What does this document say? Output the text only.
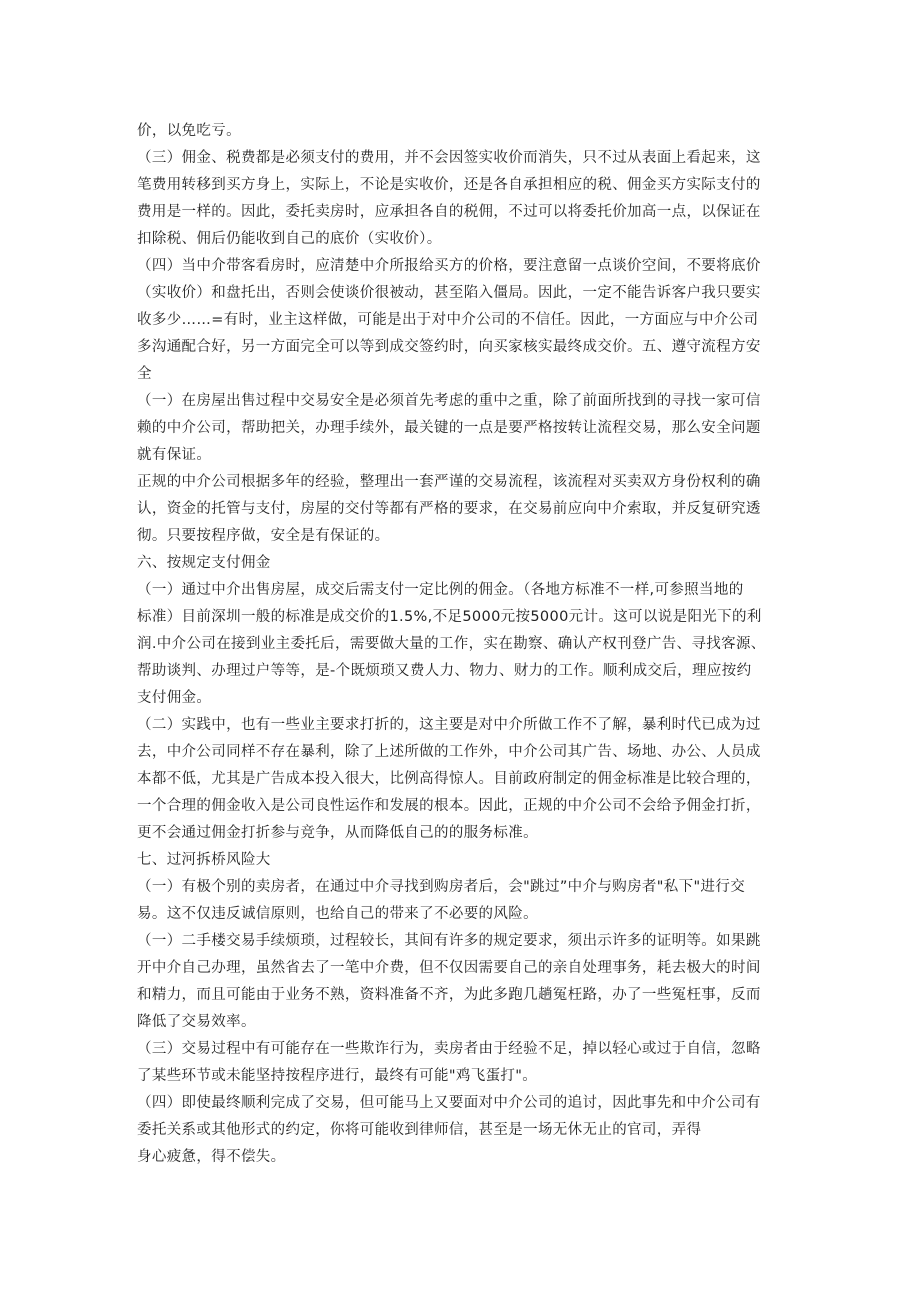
价，以免吃亏。
（三）佣金、税费都是必须支付的费用，并不会因签实收价而消失，只不过从表面上看起来，这
笔费用转移到买方身上，实际上，不论是实收价，还是各自承担相应的税、佣金买方实际支付的
费用是一样的。因此，委托卖房时，应承担各自的税佣，不过可以将委托价加高一点，以保证在
扣除税、佣后仍能收到自己的底价（实收价）。
（四）当中介带客看房时，应清楚中介所报给买方的价格，要注意留一点谈价空间，不要将底价
（实收价）和盘托出，否则会使谈价很被动，甚至陷入僵局。因此，一定不能告诉客户我只要实
收多少……=有时，业主这样做，可能是出于对中介公司的不信任。因此，一方面应与中介公司
多沟通配合好，另一方面完全可以等到成交签约时，向买家核实最终成交价。五、遵守流程方安
全
（一）在房屋出售过程中交易安全是必须首先考虑的重中之重，除了前面所找到的寻找一家可信
赖的中介公司，帮助把关，办理手续外，最关键的一点是要严格按转让流程交易，那么安全问题
就有保证。
正规的中介公司根据多年的经验，整理出一套严谨的交易流程，该流程对买卖双方身份权利的确
认，资金的托管与支付，房屋的交付等都有严格的要求，在交易前应向中介索取，并反复研究透
彻。只要按程序做，安全是有保证的。
六、按规定支付佣金
（一）通过中介出售房屋，成交后需支付一定比例的佣金。（各地方标准不一样,可参照当地的
标准）目前深圳一般的标准是成交价的1.5%,不足5000元按5000元计。这可以说是阳光下的利
润.中介公司在接到业主委托后，需要做大量的工作，实在勘察、确认产权刊登广告、寻找客源、
帮助谈判、办理过户等等，是-个既烦琐又费人力、物力、财力的工作。顺利成交后，理应按约
支付佣金。
（二）实践中，也有一些业主要求打折的，这主要是对中介所做工作不了解，暴利时代已成为过
去，中介公司同样不存在暴利，除了上述所做的工作外，中介公司其广告、场地、办公、人员成
本都不低，尤其是广告成本投入很大，比例高得惊人。目前政府制定的佣金标准是比较合理的，
一个合理的佣金收入是公司良性运作和发展的根本。因此，正规的中介公司不会给予佣金打折，
更不会通过佣金打折参与竞争，从而降低自己的的服务标准。
七、过河拆桥风险大
（一）有极个别的卖房者，在通过中介寻找到购房者后，会"跳过”中介与购房者"私下"进行交
易。这不仅违反诚信原则，也给自己的带来了不必要的风险。
（一）二手楼交易手续烦琐，过程较长，其间有许多的规定要求，须出示许多的证明等。如果跳
开中介自己办理，虽然省去了一笔中介费，但不仅因需要自己的亲自处理事务，耗去极大的时间
和精力，而且可能由于业务不熟，资料准备不齐，为此多跑几趟冤枉路，办了一些冤枉事，反而
降低了交易效率。
（三）交易过程中有可能存在一些欺诈行为，卖房者由于经验不足，掉以轻心或过于自信，忽略
了某些环节或未能坚持按程序进行，最终有可能"鸡飞蛋打"。
（四）即使最终顺利完成了交易，但可能马上又要面对中介公司的追讨，因此事先和中介公司有
委托关系或其他形式的约定，你将可能收到律师信，甚至是一场无休无止的官司，弄得
身心疲惫，得不偿失。
